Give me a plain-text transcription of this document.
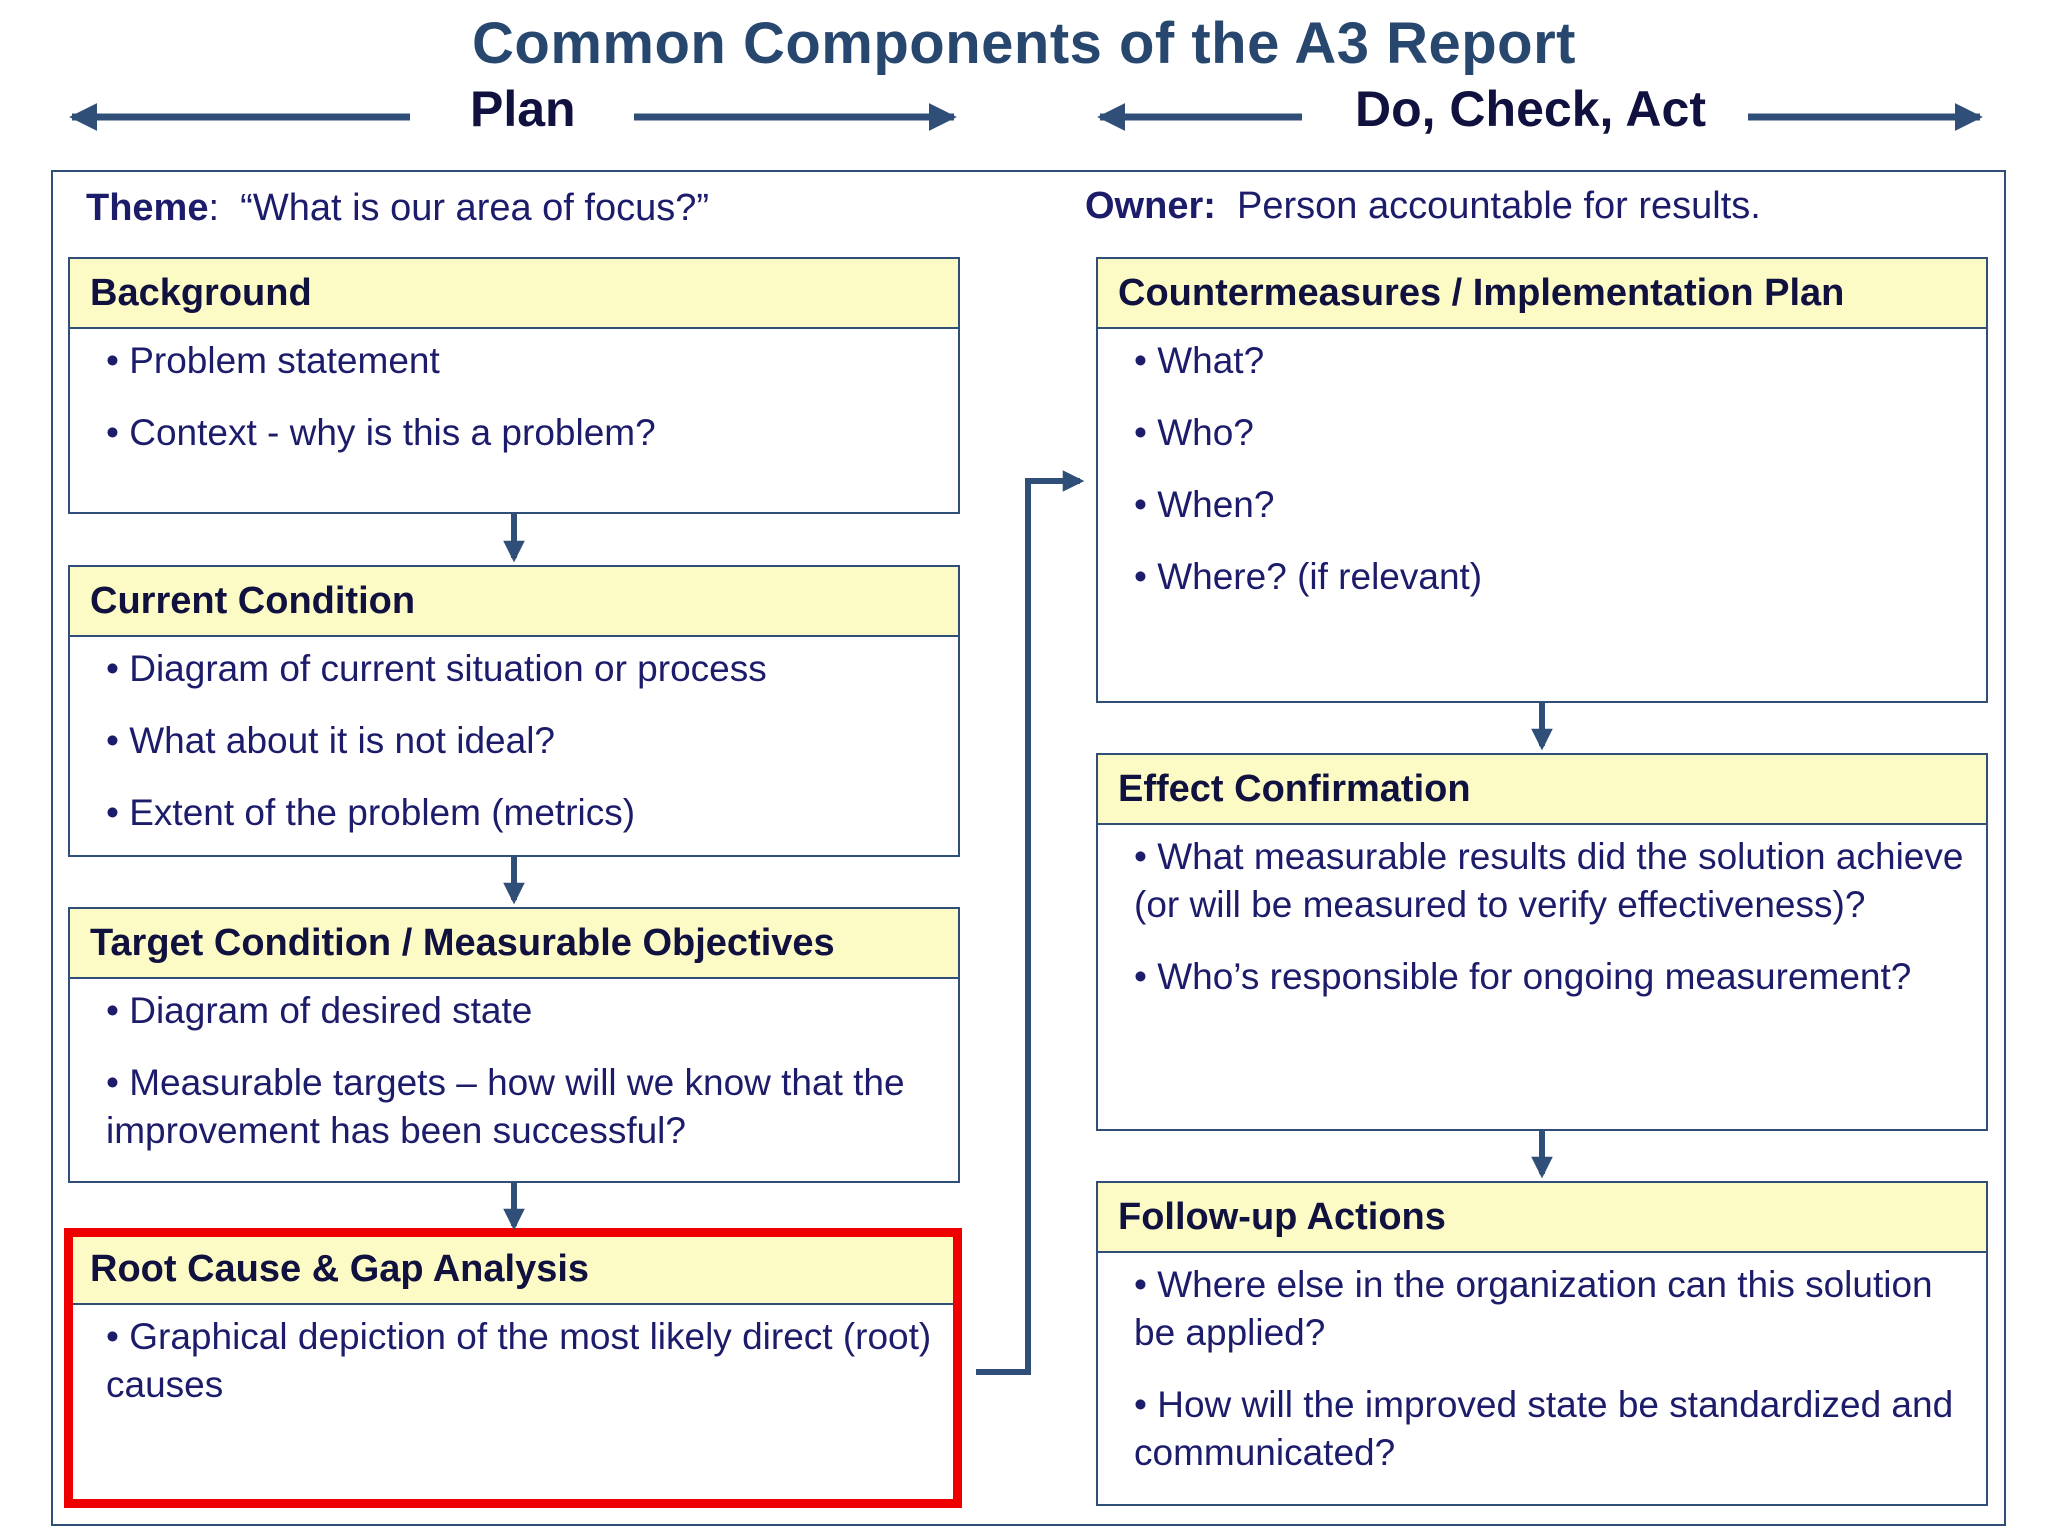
Common Components of the A3 Report
Plan	Do, Check, Act
Theme:  “What is our area of focus?”	Owner: Person accountable for results.
Background

• Problem statement

• Context - why is this a problem?

Current Condition

• Diagram of current situation or process

• What about it is not ideal?

• Extent of the problem (metrics)

Target Condition / Measurable Objectives

• Diagram of desired state

• Measurable targets – how will we know that the improvement has been successful?

Root Cause & Gap Analysis

• Graphical depiction of the most likely direct (root) causes

Countermeasures / Implementation Plan

• What?

• Who?

• When?

• Where? (if relevant)

Effect Confirmation

• What measurable results did the solution achieve (or will be measured to verify effectiveness)?

• Who’s responsible for ongoing measurement?

Follow-up Actions

• Where else in the organization can this solution be applied?

• How will the improved state be standardized and communicated?
